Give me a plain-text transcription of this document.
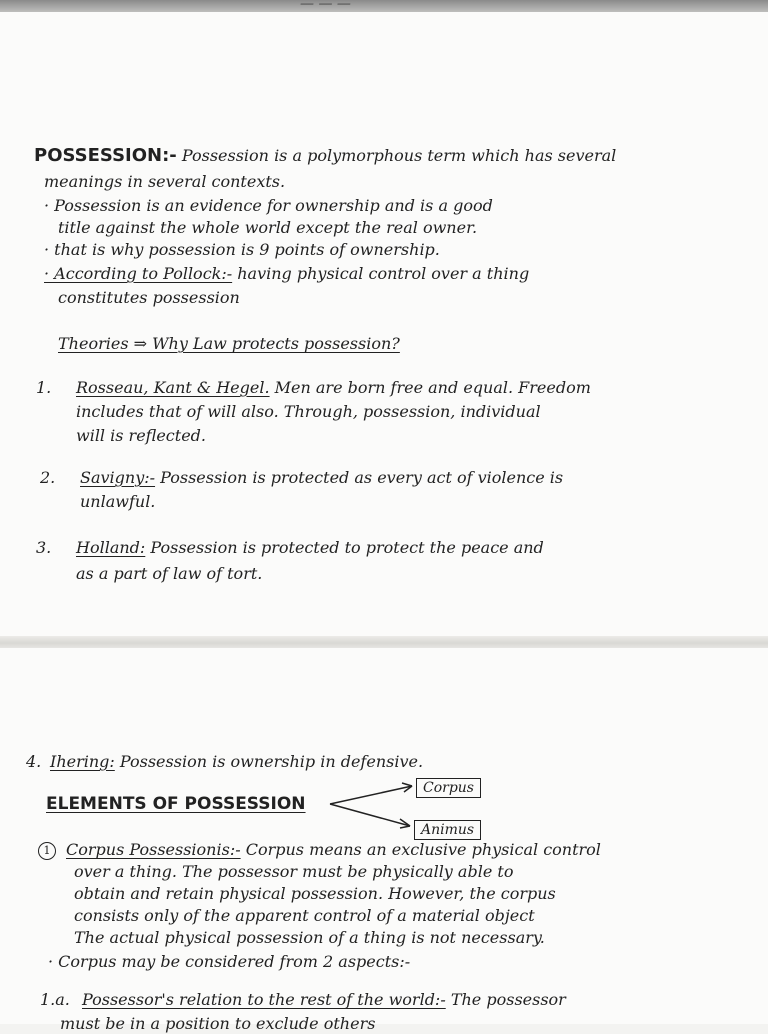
— — —
POSSESSION:- Possession is a polymorphous term which has several
meanings in several contexts.
· Possession is an evidence for ownership and is a good
title against the whole world except the real owner.
· that is why possession is 9 points of ownership.
· According to Pollock:- having physical control over a thing
constitutes possession
Theories ⇒ Why Law protects possession?
1. Rosseau, Kant & Hegel. Men are born free and equal. Freedom
includes that of will also. Through, possession, individual
will is reflected.
2. Savigny:- Possession is protected as every act of violence is
unlawful.
3. Holland: Possession is protected to protect the peace and
as a part of law of tort.
4. Ihering: Possession is ownership in defensive.
ELEMENTS OF POSSESSION
Corpus
Animus
1 Corpus Possessionis:- Corpus means an exclusive physical control
over a thing. The possessor must be physically able to
obtain and retain physical possession. However, the corpus
consists only of the apparent control of a material object
The actual physical possession of a thing is not necessary.
· Corpus may be considered from 2 aspects:-
1.a. Possessor's relation to the rest of the world:- The possessor
must be in a position to exclude others
